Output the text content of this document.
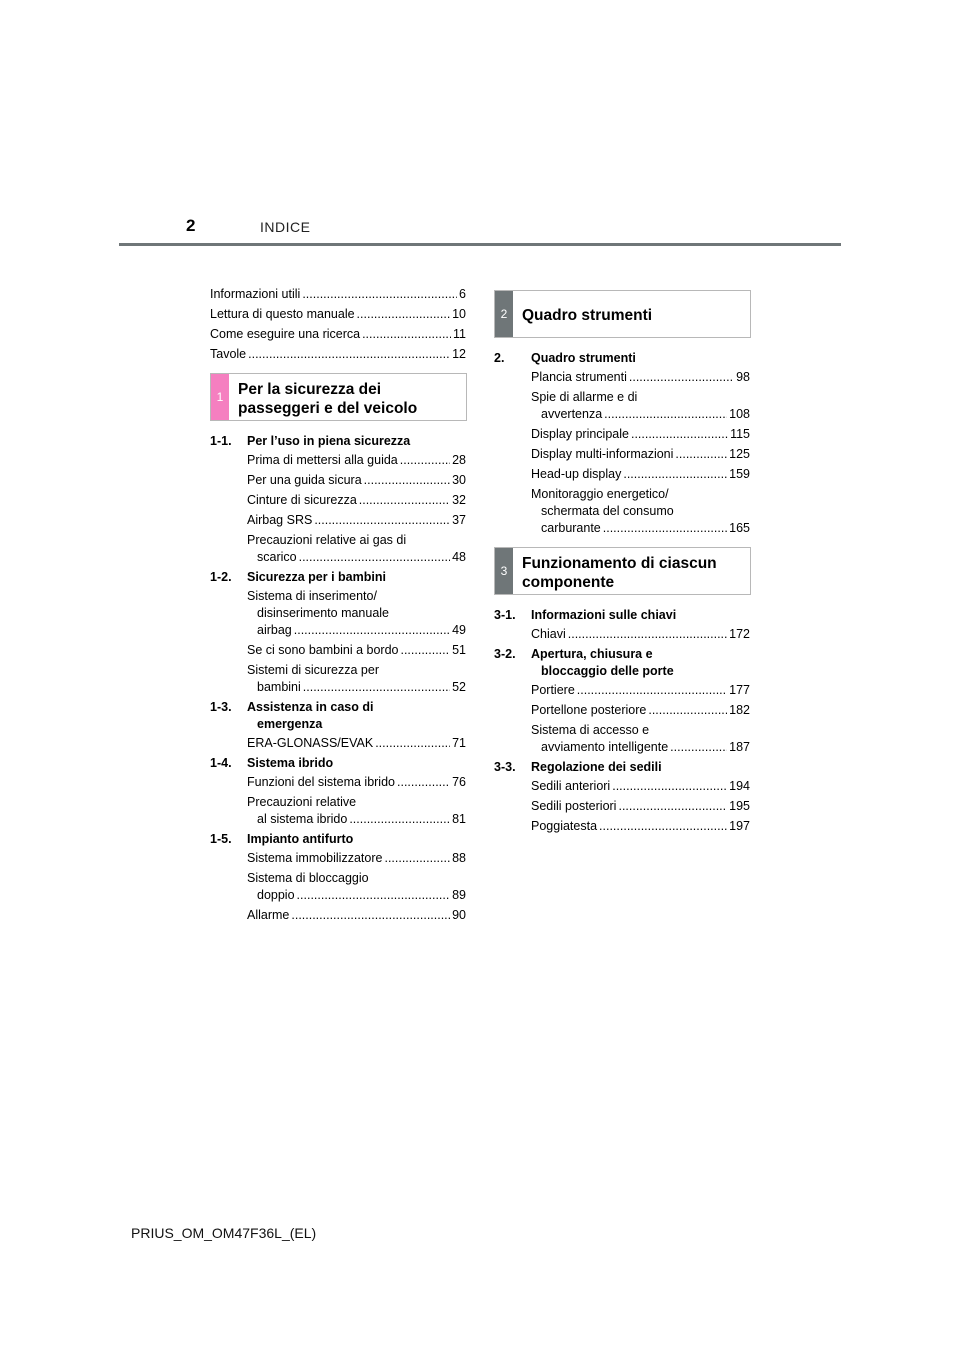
2	INDICE
Informazioni utili .....	6
Lettura di questo manuale .....	10
Come eseguire una ricerca .....	11
Tavole .....	12
1 Per la sicurezza dei
passeggeri e del veicolo
1-1.	Per l’uso in piena sicurezza
Prima di mettersi alla guida .....	28
Per una guida sicura .....	30
Cinture di sicurezza .....	32
Airbag SRS .....	37
Precauzioni relative ai gas di
scarico .....	48
1-2.	Sicurezza per i bambini
Sistema di inserimento/
disinserimento manuale
airbag .....	49
Se ci sono bambini a bordo .....	51
Sistemi di sicurezza per
bambini .....	52
1-3.	Assistenza in caso di
emergenza
ERA-GLONASS/EVAK .....	71
1-4.	Sistema ibrido
Funzioni del sistema ibrido .....	76
Precauzioni relative
al sistema ibrido .....	81
1-5.	Impianto antifurto
Sistema immobilizzatore .....	88
Sistema di bloccaggio
doppio .....	89
Allarme .....	90
2 Quadro strumenti
2.	Quadro strumenti
Plancia strumenti .....	98
Spie di allarme e di
avvertenza .....	108
Display principale .....	115
Display multi-informazioni .....	125
Head-up display .....	159
Monitoraggio energetico/
schermata del consumo
carburante .....	165
3 Funzionamento di ciascun
componente
3-1.	Informazioni sulle chiavi
Chiavi .....	172
3-2.	Apertura, chiusura e
bloccaggio delle porte
Portiere .....	177
Portellone posteriore .....	182
Sistema di accesso e
avviamento intelligente .....	187
3-3.	Regolazione dei sedili
Sedili anteriori .....	194
Sedili posteriori .....	195
Poggiatesta .....	197
PRIUS_OM_OM47F36L_(EL)
